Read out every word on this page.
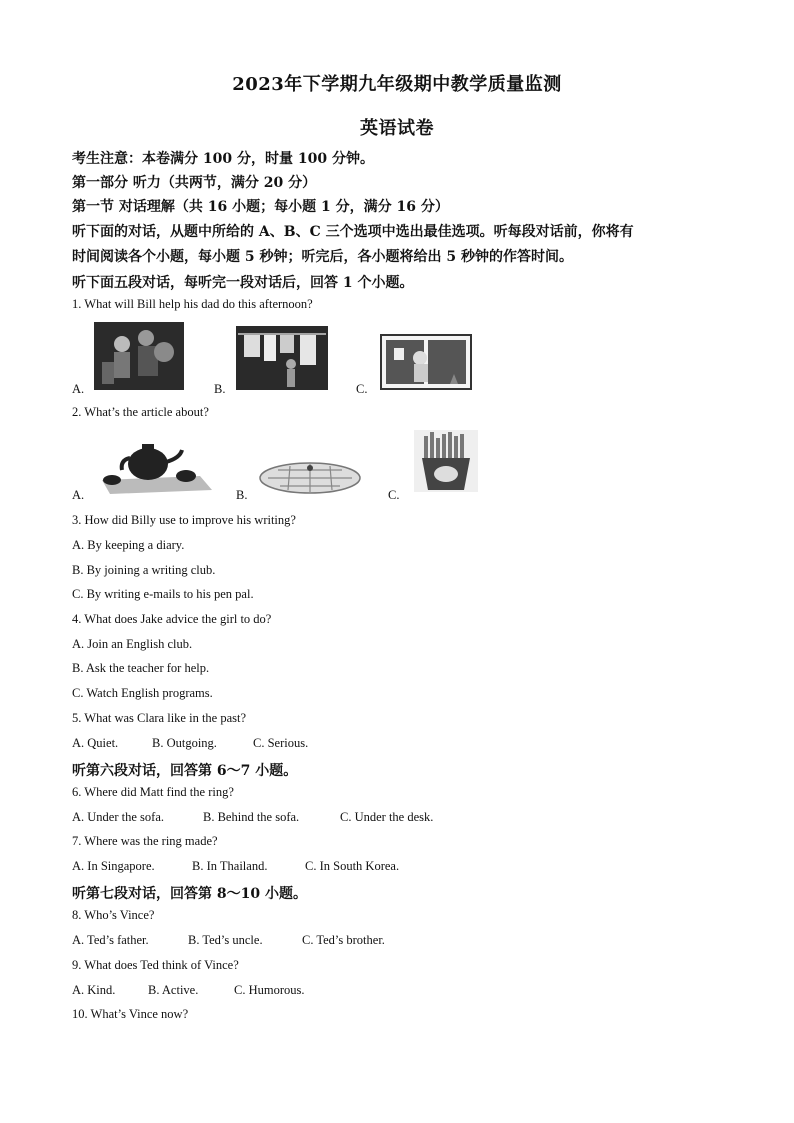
2023年下学期九年级期中教学质量监测
英语试卷
考生注意：本卷满分 100 分，时量 100 分钟。
第一部分 听力（共两节，满分 20 分）
第一节 对话理解（共 16 小题；每小题 1 分，满分 16 分）
听下面的对话，从题中所给的 A、B、C 三个选项中选出最佳选项。听每段对话前，你将有
时间阅读各个小题，每小题 5 秒钟；听完后，各小题将给出 5 秒钟的作答时间。
听下面五段对话，每听完一段对话后，回答 1 个小题。
1. What will Bill help his dad do this afternoon?
A.	B.	C.
2. What’s the article about?
A.	B.	C.
3. How did Billy use to improve his writing?
A. By keeping a diary.
B. By joining a writing club.
C. By writing e-mails to his pen pal.
4. What does Jake advice the girl to do?
A. Join an English club.
B. Ask the teacher for help.
C. Watch English programs.
5. What was Clara like in the past?
A. Quiet.	B. Outgoing.	C. Serious.
听第六段对话，回答第 6～7 小题。
6. Where did Matt find the ring?
A. Under the sofa.	B. Behind the sofa.	C. Under the desk.
7. Where was the ring made?
A. In Singapore.	B. In Thailand.	C. In South Korea.
听第七段对话，回答第 8～10 小题。
8. Who’s Vince?
A. Ted’s father.	B. Ted’s uncle.	C. Ted’s brother.
9. What does Ted think of Vince?
A. Kind.	B. Active.	C. Humorous.
10. What’s Vince now?
